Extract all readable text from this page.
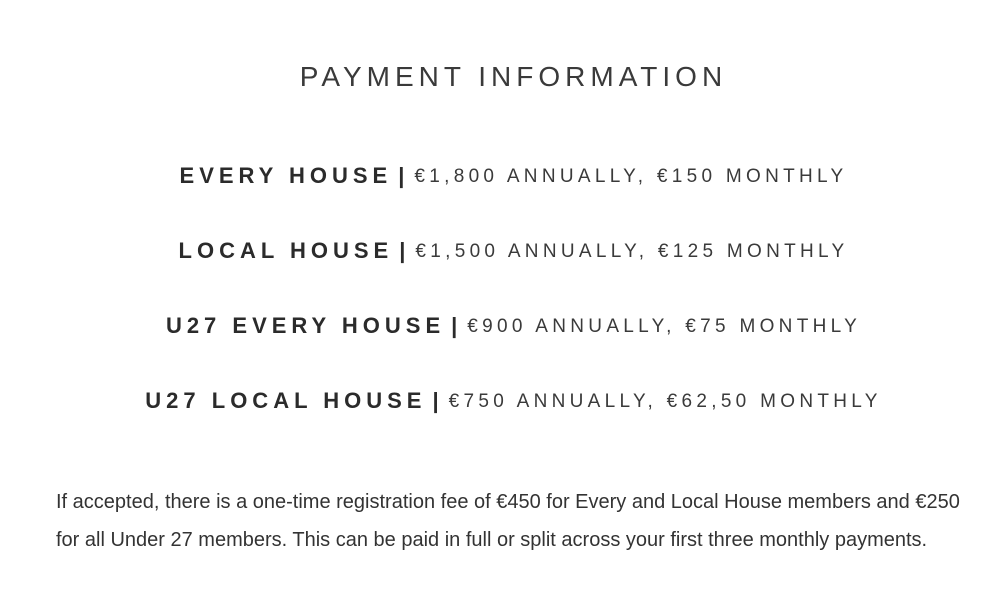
PAYMENT INFORMATION
EVERY HOUSE | €1,800 ANNUALLY, €150 MONTHLY
LOCAL HOUSE | €1,500 ANNUALLY, €125 MONTHLY
U27 EVERY HOUSE | €900 ANNUALLY, €75 MONTHLY
U27 LOCAL HOUSE | €750 ANNUALLY, €62,50 MONTHLY

If accepted, there is a one-time registration fee of €450 for Every and Local House members and €250 for all Under 27 members. This can be paid in full or split across your first three monthly payments.
